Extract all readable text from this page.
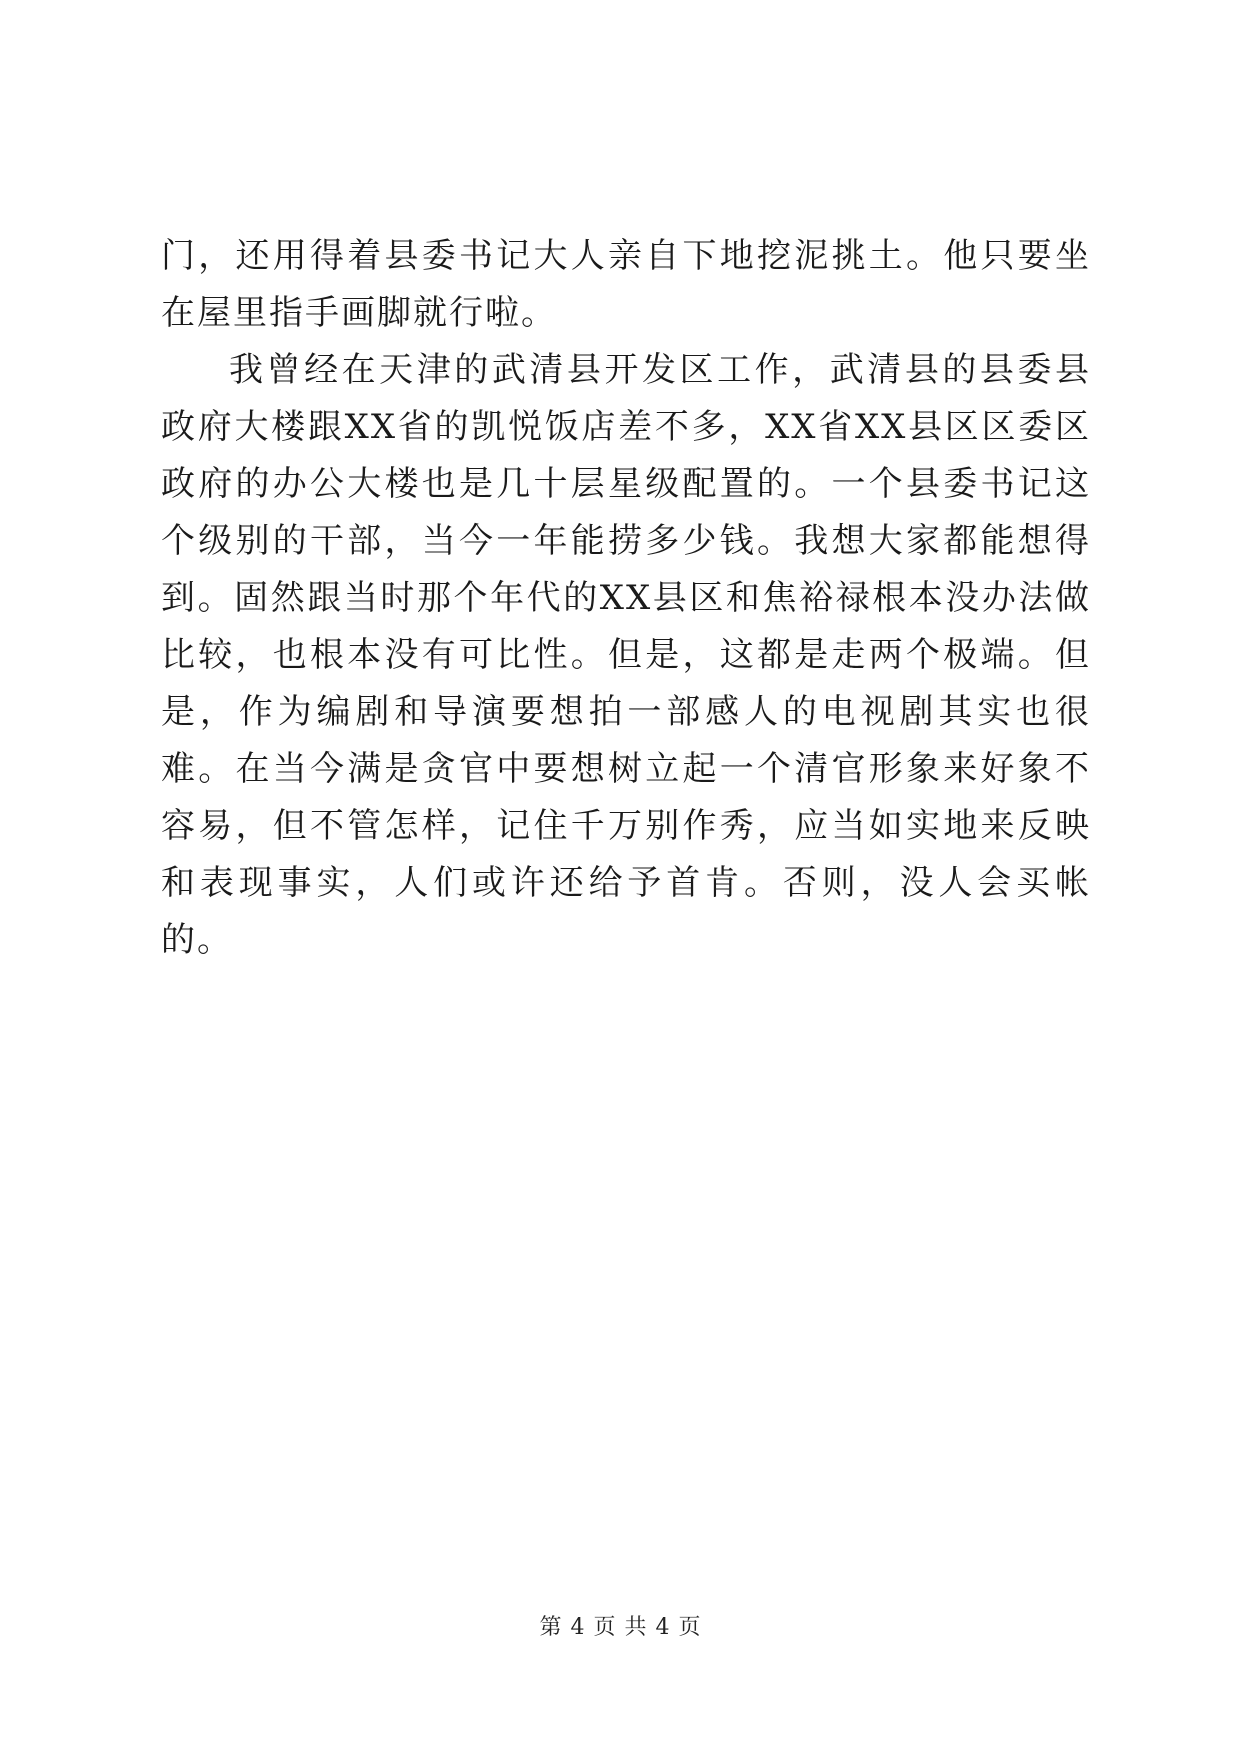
门，还用得着县委书记大人亲自下地挖泥挑土。他只要坐在屋里指手画脚就行啦。

我曾经在天津的武清县开发区工作，武清县的县委县政府大楼跟XX省的凯悦饭店差不多，XX省XX县区区委区政府的办公大楼也是几十层星级配置的。一个县委书记这个级别的干部，当今一年能捞多少钱。我想大家都能想得到。固然跟当时那个年代的XX县区和焦裕禄根本没办法做比较，也根本没有可比性。但是，这都是走两个极端。但是，作为编剧和导演要想拍一部感人的电视剧其实也很难。在当今满是贪官中要想树立起一个清官形象来好象不容易，但不管怎样，记住千万别作秀，应当如实地来反映和表现事实，人们或许还给予首肯。否则，没人会买帐的。

第 4 页 共 4 页
